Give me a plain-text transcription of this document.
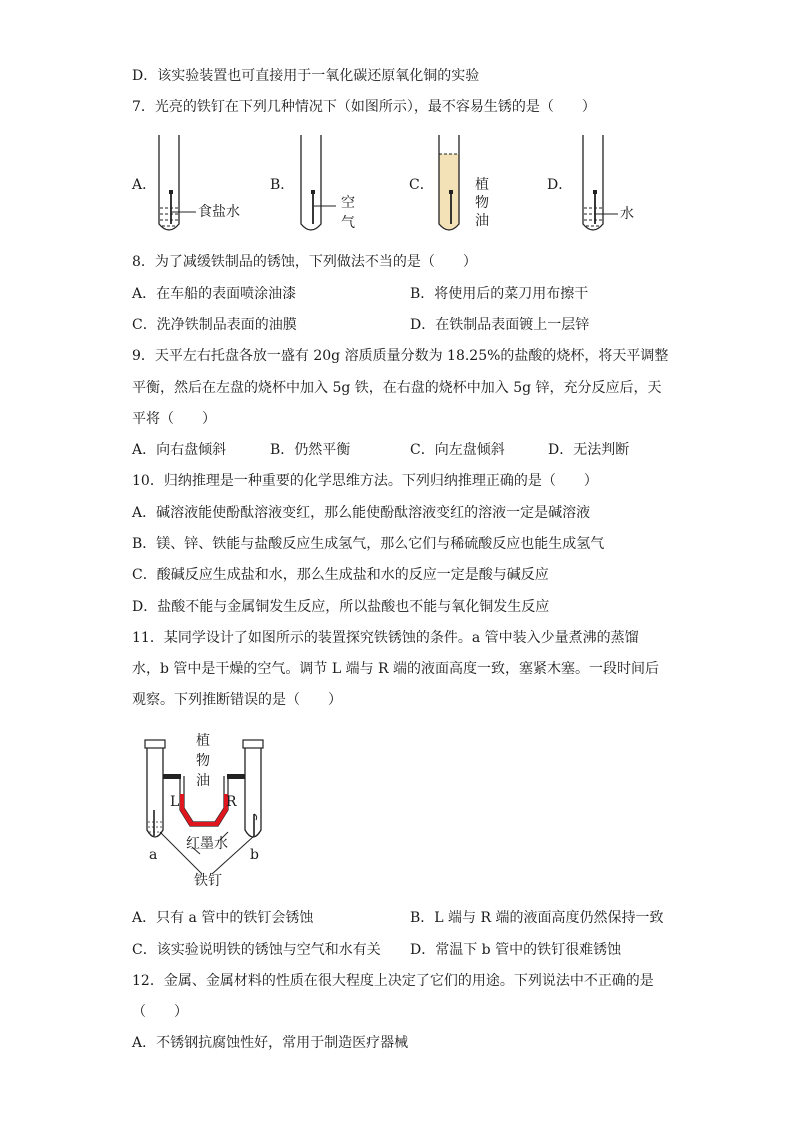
D．该实验装置也可直接用于一氧化碳还原氧化铜的实验
7．光亮的铁钉在下列几种情况下（如图所示），最不容易生锈的是（　　）
A．
食盐水
B．
空
气
C．	植
物
油
D．
水
8．为了减缓铁制品的锈蚀，下列做法不当的是（　　）
A．在车船的表面喷涂油漆	B．将使用后的菜刀用布擦干
C．洗净铁制品表面的油膜	D．在铁制品表面镀上一层锌
9．天平左右托盘各放一盛有 20g 溶质质量分数为 18.25%的盐酸的烧杯，将天平调整
平衡，然后在左盘的烧杯中加入 5g 铁，在右盘的烧杯中加入 5g 锌，充分反应后，天
平将（　　）
A．向右盘倾斜	B．仍然平衡	C．向左盘倾斜	D．无法判断
10．归纳推理是一种重要的化学思维方法。下列归纳推理正确的是（　　）
A．碱溶液能使酚酞溶液变红，那么能使酚酞溶液变红的溶液一定是碱溶液
B．镁、锌、铁能与盐酸反应生成氢气，那么它们与稀硫酸反应也能生成氢气
C．酸碱反应生成盐和水，那么生成盐和水的反应一定是酸与碱反应
D．盐酸不能与金属铜发生反应，所以盐酸也不能与氧化铜发生反应
11．某同学设计了如图所示的装置探究铁锈蚀的条件。a 管中装入少量煮沸的蒸馏
水，b 管中是干燥的空气。调节 L 端与 R 端的液面高度一致，塞紧木塞。一段时间后
观察。下列推断错误的是（　　）
植
物
油
L	R
红墨水
a	b
铁钉
A．只有 a 管中的铁钉会锈蚀	B．L 端与 R 端的液面高度仍然保持一致
C．该实验说明铁的锈蚀与空气和水有关 D．常温下 b 管中的铁钉很难锈蚀
12．金属、金属材料的性质在很大程度上决定了它们的用途。下列说法中不正确的是
（　　）
A．不锈钢抗腐蚀性好，常用于制造医疗器械
